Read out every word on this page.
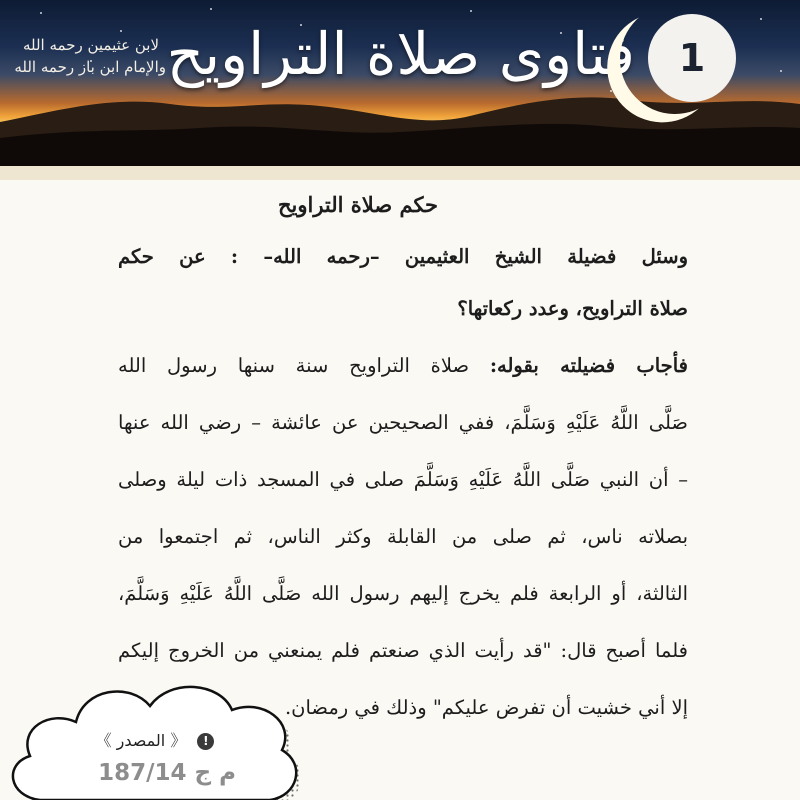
لابن عثيمين رحمه الله
والإمام ابن باز رحمه الله فتاوى صلاة التراويح	1
حكم صلاة التراويح
وسئل فضيلة الشيخ العثيمين –رحمه الله– : عن حكم
صلاة التراويح، وعدد ركعاتها؟
فأجاب فضيلته بقوله: صلاة التراويح سنة سنها رسول الله
صَلَّى اللَّهُ عَلَيْهِ وَسَلَّمَ، ففي الصحيحين عن عائشة – رضي الله عنها
– أن النبي صَلَّى اللَّهُ عَلَيْهِ وَسَلَّمَ صلى في المسجد ذات ليلة وصلى
بصلاته ناس، ثم صلى من القابلة وكثر الناس، ثم اجتمعوا من
الثالثة، أو الرابعة فلم يخرج إليهم رسول الله صَلَّى اللَّهُ عَلَيْهِ وَسَلَّمَ،
فلما أصبح قال: "قد رأيت الذي صنعتم فلم يمنعني من الخروج إليكم
إلا أني خشيت أن تفرض عليكم" وذلك في رمضان.
! 《 المصدر 》
م ج 187/14
